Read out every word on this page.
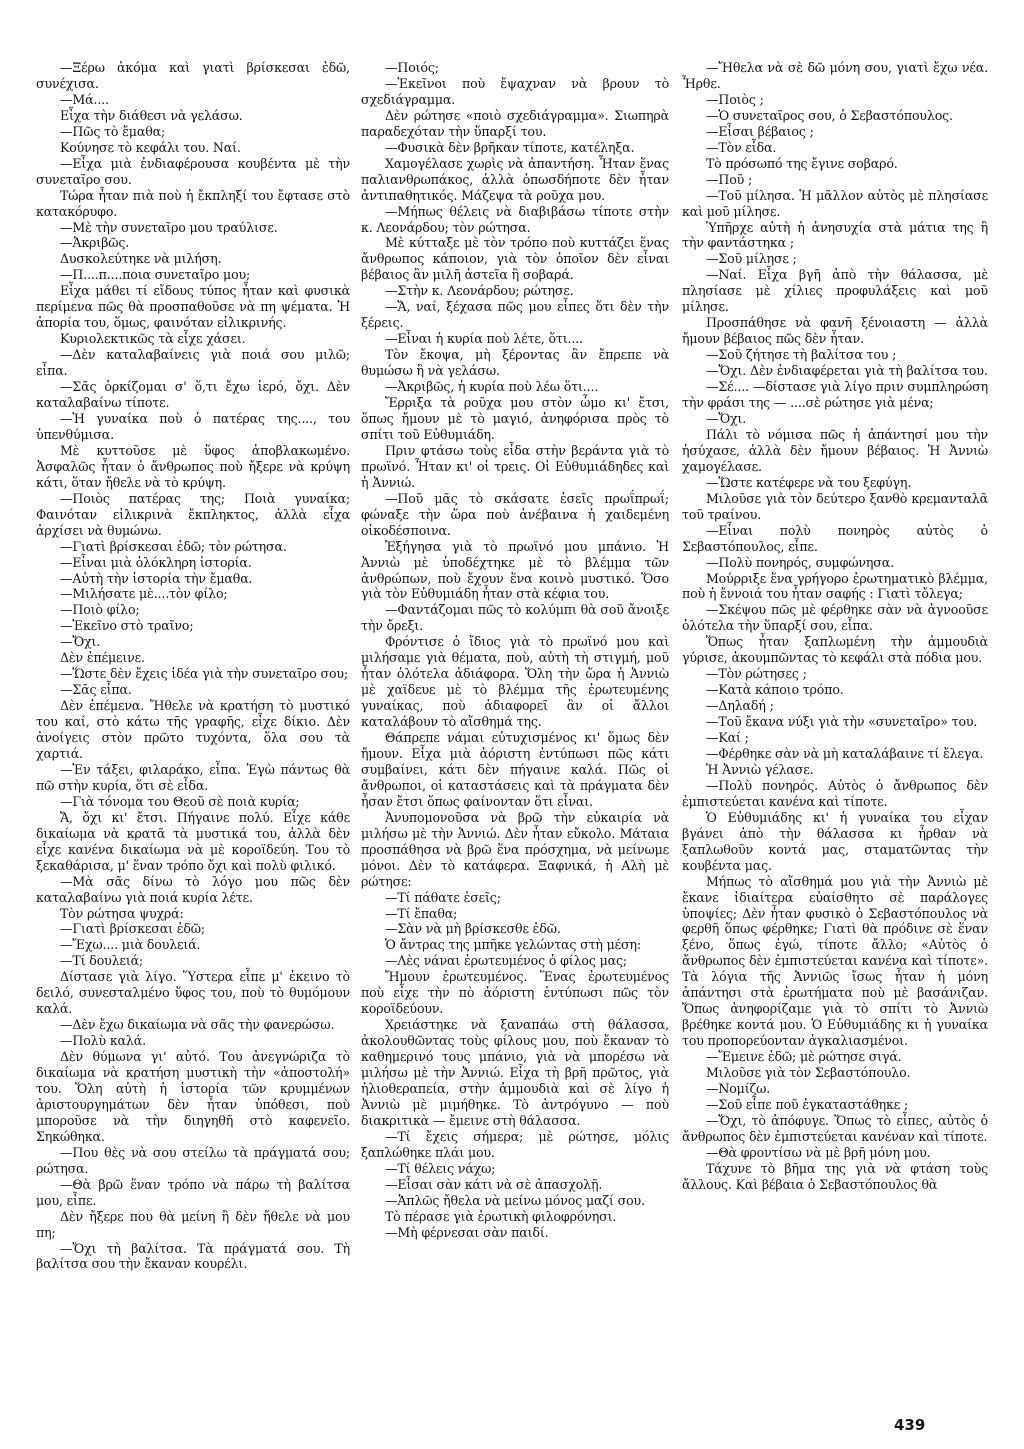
—Ξέρω ἀκόμα καὶ γιατὶ βρίσκεσαι ἐδῶ, συνέχισα.

—Μά....

Εἶχα τὴν διάθεσι νὰ γελάσω.

—Πῶς τὸ ἔμαθα;

Κούνησε τὸ κεφάλι του. Ναί.

—Εἶχα μιὰ ἐνδιαφέρουσα κουβέντα μὲ τὴν συνεταῖρο σου.

Τώρα ἦταν πιὰ ποὺ ἡ ἔκπληξί του ἔφτασε στὸ κατακόρυφο.

—Μὲ τὴν συνεταῖρο μου τραύλισε.

—Ἀκριβῶς.

Δυσκολεύτηκε νὰ μιλήση.

—Π....π....ποια συνεταῖρο μου;

Εἶχα μάθει τί εἴδους τύπος ἦταν καὶ φυσικὰ περίμενα πῶς θὰ προσπαθοῦσε νὰ πη ψέματα. Ἡ ἀπορία του, ὅμως, φαινόταν εἰλικρινής.

Κυριολεκτικῶς τὰ εἶχε χάσει.

—Δὲν καταλαβαίνεις γιὰ ποιά σου μιλῶ; εἶπα.

—Σᾶς ὁρκίζομαι σ' ὅ,τι ἔχω ἱερό, ὄχι. Δὲν καταλαβαίνω τίποτε.

—Ἡ γυναίκα ποὺ ὁ πατέρας της...., του ὑπενθύμισα.

Μὲ κυττοῦσε μὲ ὕφος ἀποβλακωμένο. Ἀσφαλῶς ἦταν ὁ ἄνθρωπος ποὺ ἤξερε νὰ κρύψη κάτι, ὅταν ἤθελε νὰ τὸ κρύψη.

—Ποιὸς πατέρας της; Ποιὰ γυναίκα; Φαινόταν εἰλικρινὰ ἔκπληκτος, ἀλλὰ εἶχα ἀρχίσει νὰ θυμώνω.

—Γιατὶ βρίσκεσαι ἐδῶ; τὸν ρώτησα.

—Εἶναι μιὰ ὁλόκληρη ἱστορία.

—Αὐτὴ τὴν ἱστορία τὴν ἔμαθα.

—Μιλήσατε μὲ....τὸν φίλο;

—Ποιὸ φίλο;

—Ἐκεῖνο στὸ τραῖνο;

—Ὄχι.

Δὲν ἐπέμεινε.

—Ὥστε δὲν ἔχεις ἰδέα γιὰ τὴν συνεταῖρο σου;

—Σᾶς εἶπα.

Δὲν ἐπέμενα. Ἤθελε νὰ κρατήση τὸ μυστικό του καί, στὸ κάτω τῆς γραφῆς, εἶχε δίκιο. Δὲν ἀνοίγεις στὸν πρῶτο τυχόντα, ὅλα σου τὰ χαρτιά.

—Ἐν τάξει, φιλαράκο, εἶπα. Ἐγὼ πάντως θὰ πῶ στὴν κυρία, ὅτι σὲ εἶδα.

—Γιὰ τόνομα του Θεοῦ σὲ ποιὰ κυρία;

Ἄ, ὄχι κι' ἔτσι. Πήγαινε πολύ. Εἶχε κάθε δικαίωμα νὰ κρατᾶ τὰ μυστικά του, ἀλλὰ δὲν εἶχε κανένα δικαίωμα νὰ μὲ κοροϊδεύη. Του τὸ ξεκαθάρισα, μ' ἕναν τρόπο ὄχι καὶ πολὺ φιλικό.

—Μὰ σᾶς δίνω τὸ λόγο μου πῶς δὲν καταλαβαίνω γιὰ ποιά κυρία λέτε.

Τὸν ρώτησα ψυχρά:

—Γιατὶ βρίσκεσαι ἐδῶ;

—Ἔχω.... μιὰ δουλειά.

—Τί δουλειά;

Δίστασε γιὰ λίγο. Ὕστερα εἶπε μ' ἐκεινο τὸ δειλό, συνεσταλμένο ὕφος του, ποὺ τὸ θυμόμουν καλά.

—Δὲν ἔχω δικαίωμα νὰ σᾶς τὴν φανερώσω.

—Πολὺ καλά.

Δὲν θύμωνα γι' αὐτό. Του ἀνεγνώριζα τὸ δικαίωμα νὰ κρατήση μυστικὴ τὴν «ἀποστολή» του. Ὅλη αὐτὴ ἡ ἱστορία τῶν κρυμμένων ἀριστουργημάτων δὲν ἦταν ὑπόθεσι, ποὺ μποροῦσε νὰ τὴν διηγηθῆ στὸ καφενεῖο. Σηκώθηκα.

—Που θὲς νὰ σου στείλω τὰ πράγματά σου; ρώτησα.

—Θὰ βρῶ ἕναν τρόπο νὰ πάρω τὴ βαλίτσα μου, εἶπε.

Δὲν ἤξερε που θὰ μείνη ἢ δὲν ἤθελε νὰ μου πη;

—Ὄχι τὴ βαλίτσα. Τὰ πράγματά σου. Τὴ βαλίτσα σου τὴν ἔκαναν κουρέλι.

—Ποιός;

—Ἐκεῖνοι ποὺ ἔψαχναν νὰ βρουν τὸ σχεδιάγραμμα.

Δὲν ρώτησε «ποιὸ σχεδιάγραμμα». Σιωπηρὰ παραδεχόταν τὴν ὕπαρξί του.

—Φυσικὰ δὲν βρῆκαν τίποτε, κατέληξα.

Χαμογέλασε χωρὶς νὰ ἀπαντήση. Ἦταν ἕνας παλιανθρωπάκος, ἀλλὰ ὁπωσδήποτε δὲν ἦταν ἀντιπαθητικός. Μάζεψα τὰ ροῦχα μου.

—Μήπως θέλεις νὰ διαβιβάσω τίποτε στὴν κ. Λεονάρδου; τὸν ρώτησα.

Μὲ κύτταξε μὲ τὸν τρόπο ποὺ κυττάζει ἕνας ἄνθρωπος κάποιον, γιὰ τὸν ὁποῖον δὲν εἶναι βέβαιος ἂν μιλῆ ἀστεῖα ἢ σοβαρά.

—Στὴν κ. Λεονάρδου; ρώτησε.

—Ἄ, ναί, ξέχασα πῶς μου εἶπες ὅτι δὲν τὴν ξέρεις.

—Εἶναι ἡ κυρία ποὺ λέτε, ὅτι....

Τὸν ἔκοψα, μὴ ξέροντας ἂν ἔπρεπε νὰ θυμώσω ἢ νὰ γελάσω.

—Ἀκριβῶς, ἡ κυρία ποὺ λέω ὅτι....

Ἔρριξα τὰ ροῦχα μου στὸν ὦμο κι' ἔτσι, ὅπως ἤμουν μὲ τὸ μαγιό, ἀνηφόρισα πρὸς τὸ σπίτι τοῦ Εὐθυμιάδη.

Πριν φτάσω τοὺς εἶδα στὴν βεράντα γιὰ τὸ πρωϊνό. Ἦταν κι' οἱ τρεις. Οἱ Εὐθυμιάδηδες καὶ ἡ Ἀννιώ.

—Ποῦ μᾶς τὸ σκάσατε ἐσεῖς πρωΐπρωΐ; φώναξε τὴν ὥρα ποὺ ἀνέβαινα ἡ χαιδεμένη οἰκοδέσποινα.

Ἐξήγησα γιὰ τὸ πρωϊνό μου μπάνιο. Ἡ Ἀννιὼ μὲ ὑποδέχτηκε μὲ τὸ βλέμμα τῶν ἀνθρώπων, ποὺ ἔχουν ἕνα κοινὸ μυστικό. Ὅσο γιὰ τὸν Εὐθυμιάδη ἦταν στὰ κέφια του.

—Φαντάζομαι πῶς τὸ κολύμπι θὰ σοῦ ἄνοιξε τὴν ὄρεξι.

Φρόντισε ὁ ἴδιος γιὰ τὸ πρωϊνό μου καὶ μιλήσαμε γιὰ θέματα, ποὺ, αὐτὴ τὴ στιγμή, μοῦ ἦταν ὁλότελα ἀδιάφορα. Ὅλη τὴν ὥρα ἡ Ἀννιὼ μὲ χαϊδευε μὲ τὸ βλέμμα τῆς ἐρωτευμένης γυναίκας, ποὺ ἀδιαφορεῖ ἂν οἱ ἄλλοι καταλάβουν τὸ αἴσθημά της.

Θάπρεπε νάμαι εὐτυχισμένος κι' ὅμως δὲν ἤμουν. Εἶχα μιὰ ἀόριστη ἐντύπωσι πῶς κάτι συμβαίνει, κάτι δὲν πήγαινε καλά. Πῶς οἱ ἄνθρωποι, οἱ καταστάσεις καὶ τὰ πράγματα δὲν ἦσαν ἔτσι ὅπως φαίνονταν ὅτι εἶναι.

Ἀνυπομονοῦσα νὰ βρῶ τὴν εὐκαιρία νὰ μιλήσω μὲ τὴν Ἀννιώ. Δὲν ἦταν εὔκολο. Μάταια προσπάθησα νὰ βρῶ ἕνα πρόσχημα, νὰ μείνωμε μόνοι. Δὲν τὸ κατάφερα. Ξαφνικά, ἡ Αλὴ μὲ ρώτησε:

—Τί πάθατε ἐσεῖς;

—Τί ἔπαθα;

—Σὰν νὰ μὴ βρίσκεσθε ἐδῶ.

Ὁ ἄντρας της μπῆκε γελώντας στὴ μέση:

—Λὲς νάναι ἐρωτευμένος ὁ φίλος μας;

Ἤμουν ἐρωτευμένος. Ἕνας ἐρωτευμένος ποὺ εἶχε τὴν πὸ ἀόριστη ἐντύπωσι πῶς τὸν κοροϊδεύουν.

Χρειάστηκε νὰ ξαναπάω στὴ θάλασσα, ἀκολουθῶντας τοὺς φίλους μου, ποὺ ἔκαναν τὸ καθημερινό τους μπάνιο, γιὰ νὰ μπορέσω νὰ μιλήσω μὲ τὴν Ἀννιώ. Εἶχα τὴ βρῆ πρῶτος, γιὰ ἡλιοθεραπεία, στὴν ἀμμουδιὰ καὶ σὲ λίγο ἡ Ἀννιὼ μὲ μιμήθηκε. Τὸ ἀντρόγυνο — ποὺ διακριτικὰ — ἔμεινε στὴ θάλασσα.

—Τί ἔχεις σήμερα; μὲ ρώτησε, μόλις ξαπλώθηκε πλάι μου.

—Τί θέλεις νάχω;

—Εἶσαι σὰν κάτι νὰ σὲ ἀπασχολῇ.

—Ἁπλῶς ἤθελα νὰ μείνω μόνος μαζί σου.

Τὸ πέρασε γιὰ ἐρωτικὴ φιλοφρόνησι.

—Μὴ φέρνεσαι σὰν παιδί.

—Ἤθελα νὰ σὲ δῶ μόνη σου, γιατὶ ἔχω νέα. Ἦρθε.

—Ποιὸς ;

—Ὁ συνεταῖρος σου, ὁ Σεβαστόπουλος.

—Εἶσαι βέβαιος ;

—Τὸν εἶδα.

Τὸ πρόσωπό της ἔγινε σοβαρό.

—Ποῦ ;

—Τοῦ μίλησα. Ἡ μᾶλλον αὐτὸς μὲ πλησίασε καὶ μοῦ μίλησε.

Ὑπῆρχε αὐτὴ ἡ ἀνησυχία στὰ μάτια της ἢ τὴν φαντάστηκα ;

—Σοῦ μίλησε ;

—Ναί. Εἶχα βγῆ ἀπὸ τὴν θάλασσα, μὲ πλησίασε μὲ χίλιες προφυλάξεις καὶ μοῦ μίλησε.

Προσπάθησε νὰ φανῆ ξένοιαστη — ἀλλὰ ἤμουν βέβαιος πῶς δὲν ἦταν.

—Σοῦ ζήτησε τὴ βαλίτσα του ;

—Ὄχι. Δὲν ἐνδιαφέρεται γιὰ τὴ βαλίτσα του.

—Σέ.... —δίστασε γιὰ λίγο πριν συμπληρώση τὴν φράσι της — ....σὲ ρώτησε γιὰ μένα;

—Ὄχι.

Πάλι τὸ νόμισα πῶς ἡ ἀπάντησί μου τὴν ἡσύχασε, ἀλλὰ δὲν ἤμουν βέβαιος. Ἡ Ἀννιὼ χαμογέλασε.

—Ὥστε κατέφερε νὰ του ξεφύγη.

Μιλοῦσε γιὰ τὸν δεύτερο ξανθὸ κρεμανταλᾶ τοῦ τραίνου.

—Εἶναι πολὺ πονηρὸς αὐτὸς ὁ Σεβαστόπουλος, εἶπε.

—Πολὺ πονηρός, συμφώνησα.

Μούρριξε ἕνα γρήγορο ἐρωτηματικὸ βλέμμα, ποὺ ἡ ἔννοιά του ἦταν σαφής : Γιατὶ τὄλεγα;

—Σκέψου πῶς μὲ φέρθηκε σὰν νὰ ἀγνοοῦσε ὁλότελα τὴν ὕπαρξί σου, εἶπα.

Ὅπως ἦταν ξαπλωμένη τὴν ἀμμουδιὰ γύρισε, ἀκουμπῶντας τὸ κεφάλι στὰ πόδια μου.

—Τὸν ρώτησες ;

—Κατὰ κάποιο τρόπο.

—Δηλαδή ;

—Τοῦ ἔκανα νύξι γιὰ τὴν «συνεταῖρο» του.

—Καί ;

—Φέρθηκε σὰν νὰ μὴ καταλάβαινε τί ἔλεγα.

Ἡ Ἀννιὼ γέλασε.

—Πολὺ πονηρός. Αὐτὸς ὁ ἄνθρωπος δὲν ἐμπιστεύεται κανένα καὶ τίποτε.

Ὁ Εὐθυμιάδης κι' ἡ γυναίκα του εἶχαν βγάνει ἀπὸ τὴν θάλασσα κι ἦρθαν νὰ ξαπλωθοῦν κοντά μας, σταματῶντας τὴν κουβέντα μας.

Μήπως τὸ αἴσθημά μου γιὰ τὴν Ἀννιὼ μὲ ἔκανε ἰδιαίτερα εὐαίσθητο σὲ παράλογες ὑποψίες; Δὲν ἦταν φυσικὸ ὁ Σεβαστόπουλος νὰ φερθῆ ὅπως φέρθηκε; Γιατὶ θὰ πρόδινε σὲ ἕναν ξένο, ὅπως ἐγώ, τίποτε ἄλλο; «Αὐτὸς ὁ ἄνθρωπος δὲν ἐμπιστεύεται κανένα καὶ τίποτε». Τὰ λόγια τῆς Ἀννιῶς ἴσως ἦταν ἡ μόνη ἀπάντησι στὰ ἐρωτήματα ποὺ μὲ βασάνιζαν. Ὅπως ἀνηφορίζαμε γιὰ τὸ σπίτι τὸ Ἀννιὼ βρέθηκε κοντά μου. Ὁ Εὐθυμιάδης κι ἡ γυναίκα του προπορεύονταν ἀγκαλιασμένοι.

—Ἔμεινε ἐδῶ; μὲ ρώτησε σιγά.

Μιλοῦσε γιὰ τὸν Σεβαστόπουλο.

—Νομίζω.

—Σοῦ εἶπε ποῦ ἐγκαταστάθηκε ;

—Ὄχι, τὸ ἀπόφυγε. Ὅπως τὸ εἶπες, αὐτὸς ὁ ἄνθρωπος δὲν ἐμπιστεύεται κανέναν καὶ τίποτε.

—Θὰ φροντίσω νὰ μὲ βρῆ μόνη μου.

Τάχυνε τὸ βῆμα της γιὰ νὰ φτάση τοὺς ἄλλους. Καὶ βέβαια ὁ Σεβαστόπουλος θὰ

439
